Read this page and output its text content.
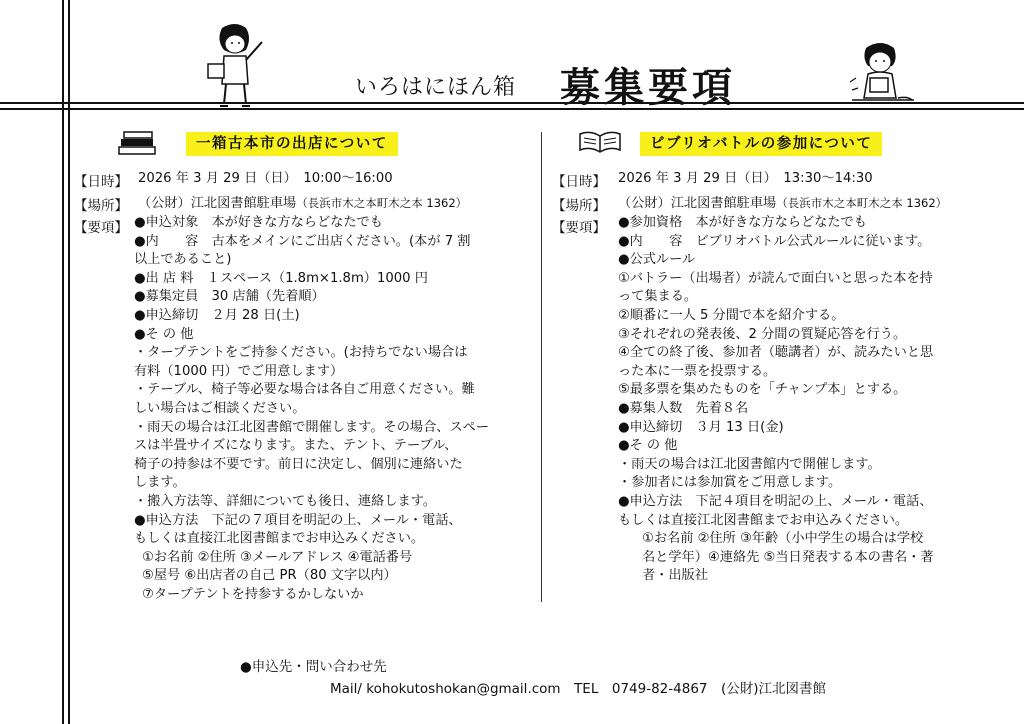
いろはにほん箱 募集要項
一箱古本市の出店について
【日時】 2026 年 3 月 29 日（日）　10:00～16:00
【場所】 （公財）江北図書館駐車場（長浜市木之本町木之本 1362）
【要項】 ●申込対象　本が好きな方ならどなたでも
●内　　容　古本をメインにご出店ください。(本が 7 割
以上であること)
●出 店 料　１スペース（1.8m×1.8m）1000 円
●募集定員　30 店舗（先着順）
●申込締切　２月 28 日(土)
●そ の 他
・タープテントをご持参ください。(お持ちでない場合は
有料（1000 円）でご用意します）
・テーブル、椅子等必要な場合は各自ご用意ください。難
しい場合はご相談ください。
・雨天の場合は江北図書館で開催します。その場合、スペー
スは半畳サイズになります。また、テント、テーブル、
椅子の持参は不要です。前日に決定し、個別に連絡いた
します。
・搬入方法等、詳細についても後日、連絡します。
●申込方法　下記の７項目を明記の上、メール・電話、
もしくは直接江北図書館までお申込みください。
①お名前 ②住所 ③メールアドレス ④電話番号
⑤屋号 ⑥出店者の自己 PR（80 文字以内）
⑦タープテントを持参するかしないか
ビブリオバトルの参加について
【日時】 2026 年 3 月 29 日（日）　13:30～14:30
【場所】 （公財）江北図書館駐車場（長浜市木之本町木之本 1362）
【要項】 ●参加資格　本が好きな方ならどなたでも
●内　　容　ビブリオバトル公式ルールに従います。
●公式ルール
①バトラー（出場者）が読んで面白いと思った本を持
って集まる。
②順番に一人 5 分間で本を紹介する。
③それぞれの発表後、2 分間の質疑応答を行う。
④全ての終了後、参加者（聴講者）が、読みたいと思
った本に一票を投票する。
⑤最多票を集めたものを「チャンプ本」とする。
●募集人数　先着８名
●申込締切　３月 13 日(金)
●そ の 他
・雨天の場合は江北図書館内で開催します。
・参加者には参加賞をご用意します。
●申込方法　下記４項目を明記の上、メール・電話、
もしくは直接江北図書館までお申込みください。
①お名前 ②住所 ③年齢（小中学生の場合は学校
名と学年）④連絡先 ⑤当日発表する本の書名・著
者・出版社
●申込先・問い合わせ先
Mail/ kohokutoshokan@gmail.com　TEL　0749-82-4867　(公財)江北図書館
